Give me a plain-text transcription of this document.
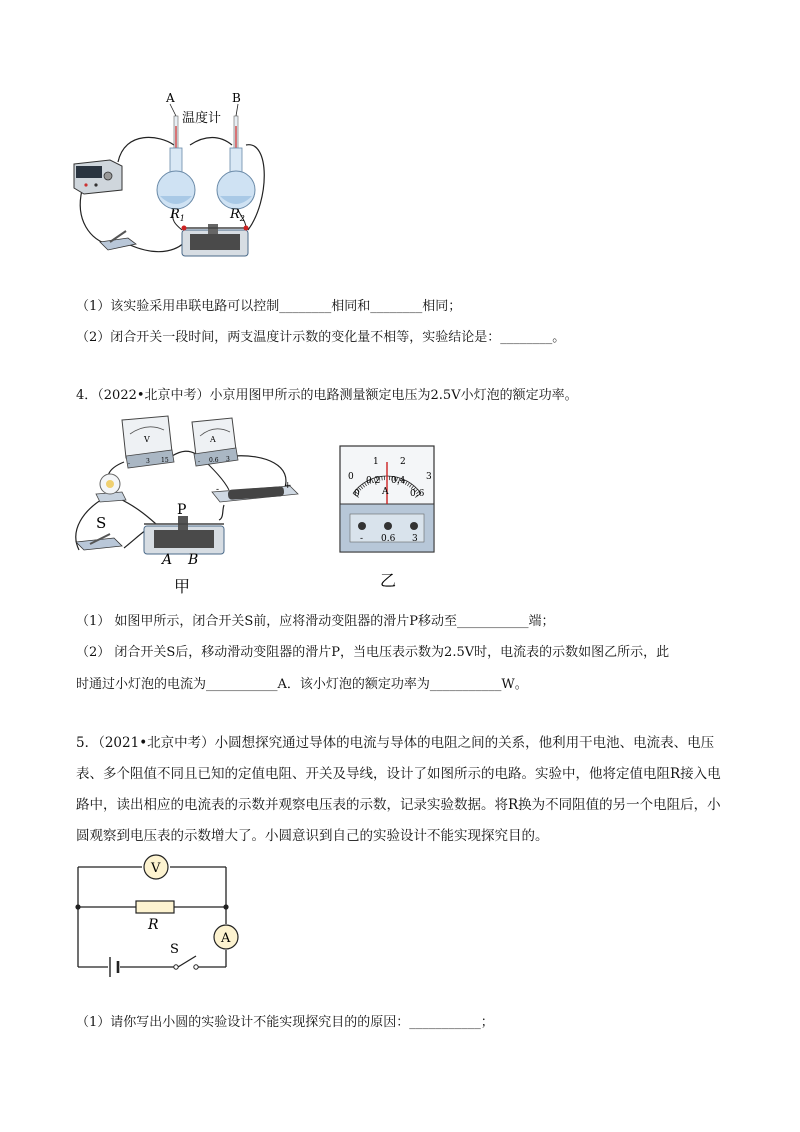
A	B
温度计
$R_1$	$R_2$
（1）该实验采用串联电路可以控制________相同和________相同；
（2）闭合开关一段时间，两支温度计示数的变化量不相等，实验结论是：________。
4．（2022•北京中考）小京用图甲所示的电路测量额定电压为2.5V小灯泡的额定功率。
V
-	3 15
A
- 0.6 3
-	+
S
P
A B
甲
0
1 2
3
0
0.2 0.4
0.6
A
- 0.6 3
乙
（1） 如图甲所示，闭合开关S前，应将滑动变阻器的滑片P移动至___________端；
（2） 闭合开关S后，移动滑动变阻器的滑片P，当电压表示数为2.5V时，电流表的示数如图乙所示，此
时通过小灯泡的电流为___________A．该小灯泡的额定功率为___________W。
5．（2021•北京中考）小圆想探究通过导体的电流与导体的电阻之间的关系，他利用干电池、电流表、电压表、多个阻值不同且已知的定值电阻、开关及导线，设计了如图所示的电路。实验中，他将定值电阻R接入电路中，读出相应的电流表的示数并观察电压表的示数，记录实验数据。将R换为不同阻值的另一个电阻后，小圆观察到电压表的示数增大了。小圆意识到自己的实验设计不能实现探究目的。
V
R
A
S
（1）请你写出小圆的实验设计不能实现探究目的的原因：___________；
